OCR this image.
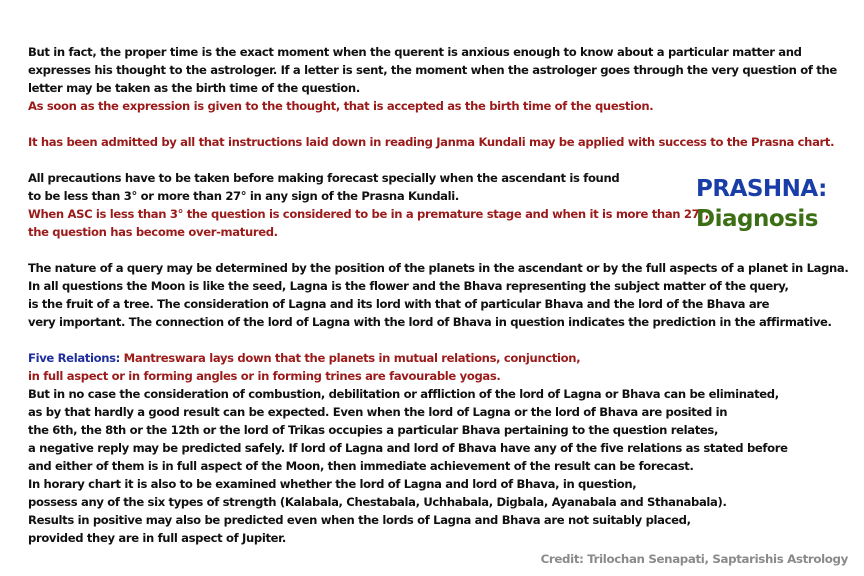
But in fact, the proper time is the exact moment when the querent is anxious enough to know about a particular matter and
expresses his thought to the astrologer. If a letter is sent, the moment when the astrologer goes through the very question of the
letter may be taken as the birth time of the question.
As soon as the expression is given to the thought, that is accepted as the birth time of the question.
It has been admitted by all that instructions laid down in reading Janma Kundali may be applied with success to the Prasna chart.
All precautions have to be taken before making forecast specially when the ascendant is found
to be less than 3° or more than 27° in any sign of the Prasna Kundali.
When ASC is less than 3° the question is considered to be in a premature stage and when it is more than 27°,
the question has become over-matured.
PRASHNA:
Diagnosis
The nature of a query may be determined by the position of the planets in the ascendant or by the full aspects of a planet in Lagna.
In all questions the Moon is like the seed, Lagna is the flower and the Bhava representing the subject matter of the query,
is the fruit of a tree. The consideration of Lagna and its lord with that of particular Bhava and the lord of the Bhava are
very important. The connection of the lord of Lagna with the lord of Bhava in question indicates the prediction in the affirmative.
Five Relations: Mantreswara lays down that the planets in mutual relations, conjunction,
in full aspect or in forming angles or in forming trines are favourable yogas.
But in no case the consideration of combustion, debilitation or affliction of the lord of Lagna or Bhava can be eliminated,
as by that hardly a good result can be expected. Even when the lord of Lagna or the lord of Bhava are posited in
the 6th, the 8th or the 12th or the lord of Trikas occupies a particular Bhava pertaining to the question relates,
a negative reply may be predicted safely. If lord of Lagna and lord of Bhava have any of the five relations as stated before
and either of them is in full aspect of the Moon, then immediate achievement of the result can be forecast.
In horary chart it is also to be examined whether the lord of Lagna and lord of Bhava, in question,
possess any of the six types of strength (Kalabala, Chestabala, Uchhabala, Digbala, Ayanabala and Sthanabala).
Results in positive may also be predicted even when the lords of Lagna and Bhava are not suitably placed,
provided they are in full aspect of Jupiter.
Credit: Trilochan Senapati, Saptarishis Astrology
